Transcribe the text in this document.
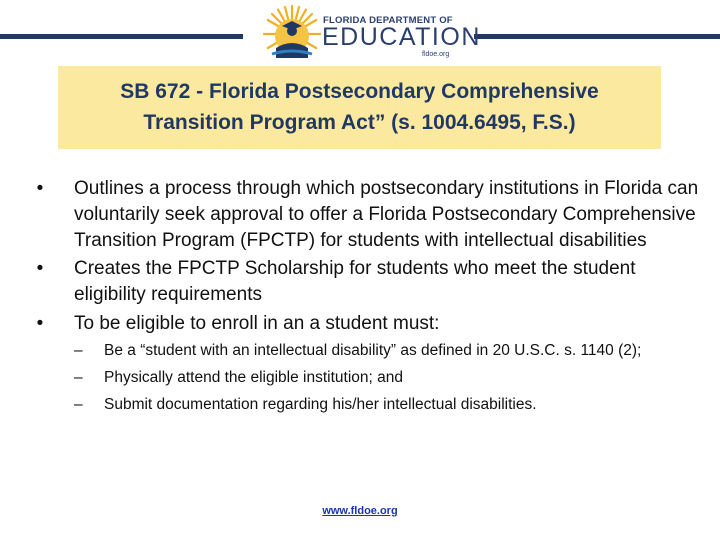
FLORIDA DEPARTMENT OF
EDUCATION
fldoe.org
SB 672 - Florida Postsecondary Comprehensive
Transition Program Act” (s. 1004.6495, F.S.)
•	Outlines a process through which postsecondary institutions in Florida can voluntarily seek approval to offer a Florida Postsecondary Comprehensive Transition Program (FPCTP) for students with intellectual disabilities
•	Creates the FPCTP Scholarship for students who meet the student eligibility requirements
•	To be eligible to enroll in an a student must:
– Be a “student with an intellectual disability” as defined in 20 U.S.C. s. 1140 (2);
– Physically attend the eligible institution; and
– Submit documentation regarding his/her intellectual disabilities.
www.fldoe.org
